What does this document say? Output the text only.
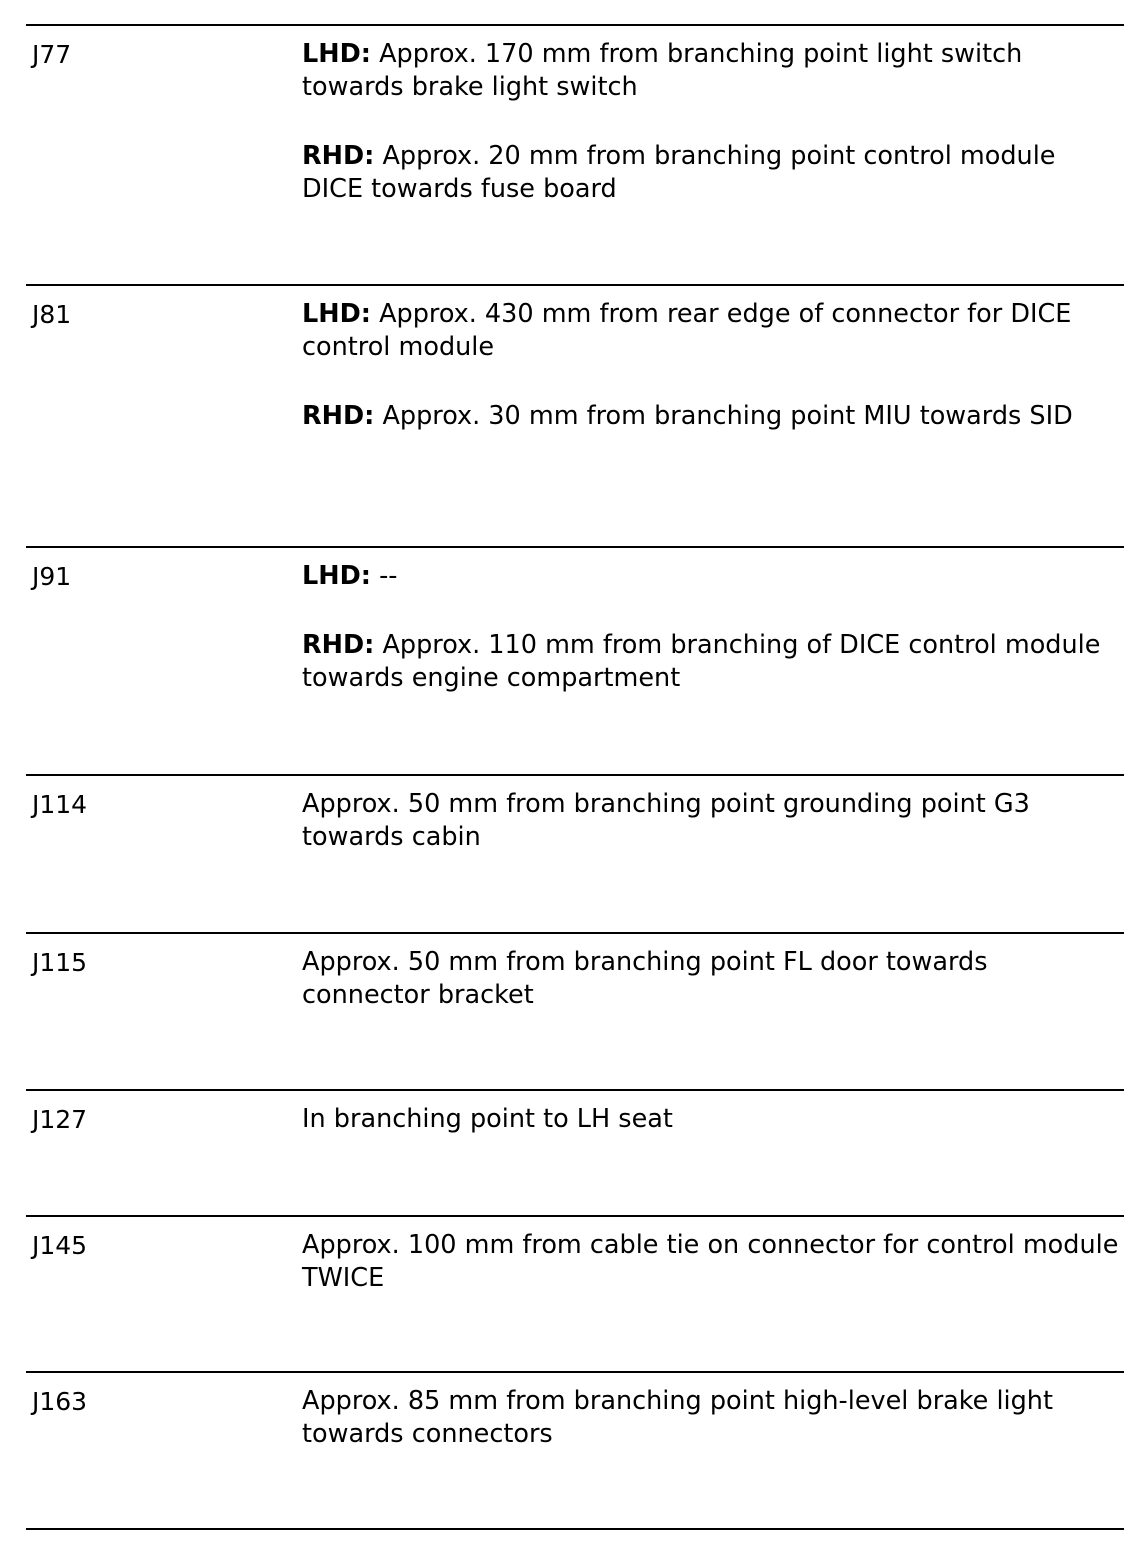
J77	LHD: Approx. 170 mm from branching point light switch towards brake light switch

RHD: Approx. 20 mm from branching point control module DICE towards fuse board

J81	LHD: Approx. 430 mm from rear edge of connector for DICE control module

RHD: Approx. 30 mm from branching point MIU towards SID

J91	LHD: --

RHD: Approx. 110 mm from branching of DICE control module towards engine compartment

J114	Approx. 50 mm from branching point grounding point G3 towards cabin

J115	Approx. 50 mm from branching point FL door towards connector bracket

J127	In branching point to LH seat

J145	Approx. 100 mm from cable tie on connector for control module TWICE

J163	Approx. 85 mm from branching point high-level brake light towards connectors
